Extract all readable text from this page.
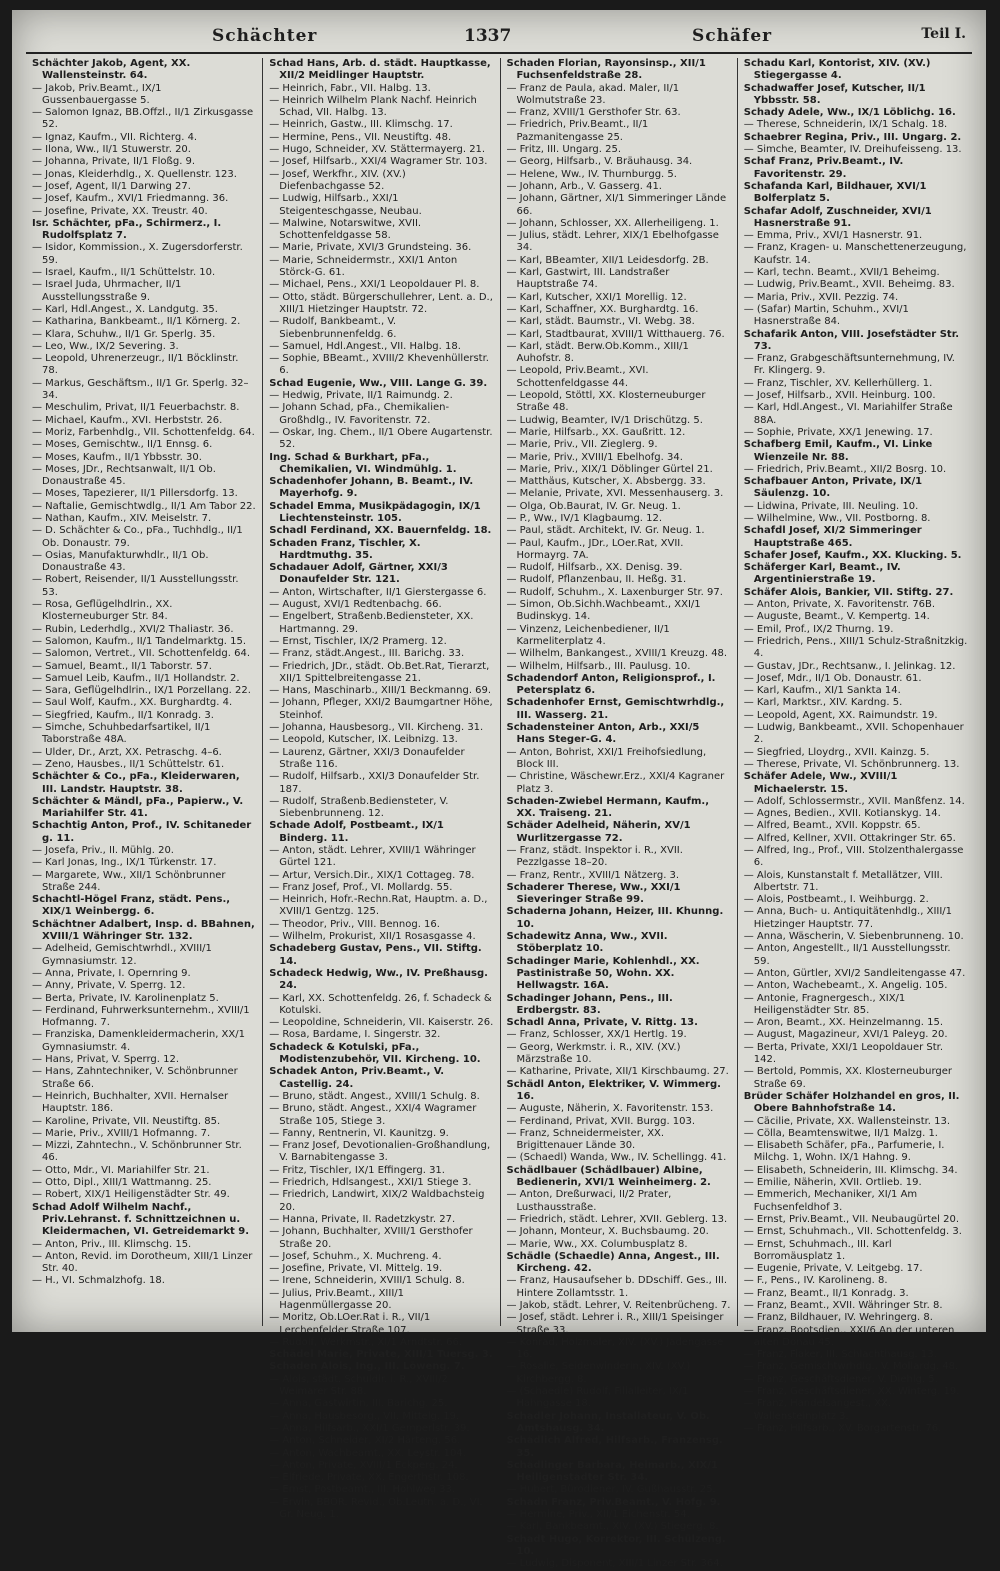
Schächter	1337	Schäfer	Teil I.

Schächter Jakob, Agent, XX. Wallensteinstr. 64.

— Jakob, Priv.Beamt., IX/1 Gussenbauergasse 5.

— Salomon Ignaz, BB.Offzl., II/1 Zirkusgasse 52.

— Ignaz, Kaufm., VII. Richterg. 4.

— Ilona, Ww., II/1 Stuwerstr. 20.

— Johanna, Private, II/1 Floßg. 9.

— Jonas, Kleiderhdlg., X. Quellenstr. 123.

— Josef, Agent, II/1 Darwing 27.

— Josef, Kaufm., XVI/1 Friedmanng. 36.

— Josefine, Private, XX. Treustr. 40.

Isr. Schächter, pFa., Schirmerz., I. Rudolfsplatz 7.

— Isidor, Kommission., X. Zugersdorferstr. 59.

— Israel, Kaufm., II/1 Schüttelstr. 10.

— Israel Juda, Uhrmacher, II/1 Ausstellungsstraße 9.

— Karl, Hdl.Angest., X. Landgutg. 35.

— Katharina, Bankbeamt., II/1 Körnerg. 2.

— Klara, Schuhw., II/1 Gr. Sperlg. 35.

— Leo, Ww., IX/2 Severing. 3.

— Leopold, Uhrenerzeugr., II/1 Böcklinstr. 78.

— Markus, Geschäftsm., II/1 Gr. Sperlg. 32–34.

— Meschulim, Privat, II/1 Feuerbachstr. 8.

— Michael, Kaufm., XVI. Herbststr. 26.

— Moriz, Farbenhdlg., VII. Schottenfeldg. 64.

— Moses, Gemischtw., II/1 Ennsg. 6.

— Moses, Kaufm., II/1 Ybbsstr. 30.

— Moses, JDr., Rechtsanwalt, II/1 Ob. Donaustraße 45.

— Moses, Tapezierer, II/1 Pillersdorfg. 13.

— Naftalie, Gemischtwdlg., II/1 Am Tabor 22.

— Nathan, Kaufm., XIV. Meiselstr. 7.

— D. Schächter & Co., pFa., Tuchhdlg., II/1 Ob. Donaustr. 79.

— Osias, Manufakturwhdlr., II/1 Ob. Donaustraße 43.

— Robert, Reisender, II/1 Ausstellungsstr. 53.

— Rosa, Geflügelhdlrin., XX. Klosterneuburger Str. 84.

— Rubin, Lederhdlg., XVI/2 Thaliastr. 36.

— Salomon, Kaufm., II/1 Tandelmarktg. 15.

— Salomon, Vertret., VII. Schottenfeldg. 64.

— Samuel, Beamt., II/1 Taborstr. 57.

— Samuel Leib, Kaufm., II/1 Hollandstr. 2.

— Sara, Geflügelhdlrin., IX/1 Porzellang. 22.

— Saul Wolf, Kaufm., XX. Burghardtg. 4.

— Siegfried, Kaufm., II/1 Konradg. 3.

— Simche, Schuhbedarfsartikel, II/1 Taborstraße 48A.

— Ulder, Dr., Arzt, XX. Petraschg. 4–6.

— Zeno, Hausbes., II/1 Schüttelstr. 61.

Schächter & Co., pFa., Kleiderwaren, III. Landstr. Hauptstr. 38.

Schächter & Mändl, pFa., Papierw., V. Mariahilfer Str. 41.

Schachtig Anton, Prof., IV. Schitaneder g. 11.

— Josefa, Priv., II. Mühlg. 20.

— Karl Jonas, Ing., IX/1 Türkenstr. 17.

— Margarete, Ww., XII/1 Schönbrunner Straße 244.

Schachtl-Högel Franz, städt. Pens., XIX/1 Weinbergg. 6.

Schächtner Adalbert, Insp. d. BBahnen, XVIII/1 Währinger Str. 132.

— Adelheid, Gemischtwrhdl., XVIII/1 Gymnasiumstr. 12.

— Anna, Private, I. Opernring 9.

— Anny, Private, V. Sperrg. 12.

— Berta, Private, IV. Karolinenplatz 5.

— Ferdinand, Fuhrwerksunternehm., XVIII/1 Hofmanng. 7.

— Franziska, Damenkleidermacherin, XX/1 Gymnasiumstr. 4.

— Hans, Privat, V. Sperrg. 12.

— Hans, Zahntechniker, V. Schönbrunner Straße 66.

— Heinrich, Buchhalter, XVII. Hernalser Hauptstr. 186.

— Karoline, Private, VII. Neustiftg. 85.

— Marie, Priv., XVIII/1 Hofmanng. 7.

— Mizzi, Zahntechn., V. Schönbrunner Str. 46.

— Otto, Mdr., VI. Mariahilfer Str. 21.

— Otto, Dipl., XIII/1 Wattmanng. 25.

— Robert, XIX/1 Heiligenstädter Str. 49.

Schad Adolf Wilhelm Nachf., Priv.Lehranst. f. Schnittzeichnen u. Kleidermachen, VI. Getreidemarkt 9.

— Anton, Priv., III. Klimschg. 15.

— Anton, Revid. im Dorotheum, XIII/1 Linzer Str. 40.

— H., VI. Schmalzhofg. 18.

Schad Hans, Arb. d. städt. Hauptkasse, XII/2 Meidlinger Hauptstr.

— Heinrich, Fabr., VII. Halbg. 13.

— Heinrich Wilhelm Plank Nachf. Heinrich Schad, VII. Halbg. 13.

— Heinrich, Gastw., III. Klimschg. 17.

— Hermine, Pens., VII. Neustiftg. 48.

— Hugo, Schneider, XV. Stättermayerg. 21.

— Josef, Hilfsarb., XXI/4 Wagramer Str. 103.

— Josef, Werkfhr., XIV. (XV.) Diefenbachgasse 52.

— Ludwig, Hilfsarb., XXI/1 Steigenteschgasse, Neubau.

— Malwine, Notarswitwe, XVII. Schottenfeldgasse 58.

— Marie, Private, XVI/3 Grundsteing. 36.

— Marie, Schneidermstr., XXI/1 Anton Störck-G. 61.

— Michael, Pens., XXI/1 Leopoldauer Pl. 8.

— Otto, städt. Bürgerschullehrer, Lent. a. D., XIII/1 Hietzinger Hauptstr. 72.

— Rudolf, Bankbeamt., V. Siebenbrunnenfeldg. 6.

— Samuel, Hdl.Angest., VII. Halbg. 18.

— Sophie, BBeamt., XVIII/2 Khevenhüllerstr. 6.

Schad Eugenie, Ww., VIII. Lange G. 39.

— Hedwig, Private, II/1 Raimundg. 2.

— Johann Schad, pFa., Chemikalien-Großhdlg., IV. Favoritenstr. 72.

— Oskar, Ing. Chem., II/1 Obere Augartenstr. 52.

Ing. Schad & Burkhart, pFa., Chemikalien, VI. Windmühlg. 1.

Schadenhofer Johann, B. Beamt., IV. Mayerhofg. 9.

Schadel Emma, Musikpädagogin, IX/1 Liechtensteinstr. 105.

Schadl Ferdinand, XX. Bauernfeldg. 18.

Schaden Franz, Tischler, X. Hardtmuthg. 35.

Schadauer Adolf, Gärtner, XXI/3 Donaufelder Str. 121.

— Anton, Wirtschafter, II/1 Gierstergasse 6.

— August, XVI/1 Redtenbachg. 66.

— Engelbert, Straßenb.Bediensteter, XX. Hartmanng. 29.

— Ernst, Tischler, IX/2 Pramerg. 12.

— Franz, städt.Angest., III. Barichg. 33.

— Friedrich, JDr., städt. Ob.Bet.Rat, Tierarzt, XII/1 Spittelbreitengasse 21.

— Hans, Maschinarb., XIII/1 Beckmanng. 69.

— Johann, Pfleger, XXI/2 Baumgartner Höhe, Steinhof.

— Johanna, Hausbesorg., VII. Kircheng. 31.

— Leopold, Kutscher, IX. Leibnizg. 13.

— Laurenz, Gärtner, XXI/3 Donaufelder Straße 116.

— Rudolf, Hilfsarb., XXI/3 Donaufelder Str. 187.

— Rudolf, Straßenb.Bediensteter, V. Siebenbrunneng. 12.

Schade Adolf, Postbeamt., IX/1 Binderg. 11.

— Anton, städt. Lehrer, XVIII/1 Währinger Gürtel 121.

— Artur, Versich.Dir., XIX/1 Cottageg. 78.

— Franz Josef, Prof., VI. Mollardg. 55.

— Heinrich, Hofr.-Rechn.Rat, Hauptm. a. D., XVIII/1 Gentzg. 125.

— Theodor, Priv., VIII. Bennog. 16.

— Wilhelm, Prokurist, XII/1 Rosasgasse 4.

Schadeberg Gustav, Pens., VII. Stiftg. 14.

Schadeck Hedwig, Ww., IV. Preßhausg. 24.

— Karl, XX. Schottenfeldg. 26, f. Schadeck & Kotulski.

— Leopoldine, Schneiderin, VII. Kaiserstr. 26.

— Rosa, Bardame, I. Singerstr. 32.

Schadeck & Kotulski, pFa., Modistenzubehör, VII. Kircheng. 10.

Schadek Anton, Priv.Beamt., V. Castellig. 24.

— Bruno, städt. Angest., XVIII/1 Schulg. 8.

— Bruno, städt. Angest., XXI/4 Wagramer Straße 105, Stiege 3.

— Fanny, Rentnerin, VI. Kaunitzg. 9.

— Franz Josef, Devotionalien-Großhandlung, V. Barnabitengasse 3.

— Fritz, Tischler, IX/1 Effingerg. 31.

— Friedrich, Hdlsangest., XXI/1 Stiege 3.

— Friedrich, Landwirt, XIX/2 Waldbachsteig 20.

— Hanna, Private, II. Radetzkystr. 27.

— Johann, Buchhalter, XVIII/1 Gersthofer Straße 20.

— Josef, Schuhm., X. Muchreng. 4.

— Josefine, Private, VI. Mittelg. 19.

— Irene, Schneiderin, XVIII/1 Schulg. 8.

— Julius, Priv.Beamt., XIII/1 Hagenmüllergasse 20.

— Moritz, Ob.LOer.Rat i. R., VII/1 Lerchenfelder Straße 107.

— Rudolf, Werkmstr., XI/1 Arndtstr. 66.

Schädel Marie, Private, XIII/1 Tuersg. 3.

Schaden Alois, Ing., III. Löweng. 7.

— Alois, städt. Schuldir. i. R., XVIII/2 Weimarer Str. 88.

— Anna, Gastwirtin, III. Barichg. 25.

— Anna, Hausbesorg., VII. Mittelg. 19.

— Anna, Hilfsarb., XXI/1 Gemperlstr. 39.

— Anton, Schneider, XI/2 Härteng. 56.

— Anton, Wachbeamt., XX. Leystr. 104.

— Anton, Private, XVIII/1 Eckperg. 24.

— Elfriede, Private, XX. Engerthstr. 108.

— Ernst, Postbeamt., III. Hohlweg 33.

— Erwin, BBOR. Revid., Ob.Leutn. a. D., VI. Gr. Neug. 1.

Schaden Florian, Rayonsinsp., XII/1 Fuchsenfeldstraße 28.

— Franz de Paula, akad. Maler, II/1 Wolmutstraße 23.

— Franz, XVIII/1 Gersthofer Str. 63.

— Friedrich, Priv.Beamt., II/1 Pazmanitengasse 25.

— Fritz, III. Ungarg. 25.

— Georg, Hilfsarb., V. Bräuhausg. 34.

— Helene, Ww., IV. Thurnburgg. 5.

— Johann, Arb., V. Gasserg. 41.

— Johann, Gärtner, XI/1 Simmeringer Lände 66.

— Johann, Schlosser, XX. Allerheiligeng. 1.

— Julius, städt. Lehrer, XIX/1 Ebelhofgasse 34.

— Karl, BBeamter, XII/1 Leidesdorfg. 2B.

— Karl, Gastwirt, III. Landstraßer Hauptstraße 74.

— Karl, Kutscher, XXI/1 Morellig. 12.

— Karl, Schaffner, XX. Burghardtg. 16.

— Karl, städt. Baumstr., VI. Webg. 38.

— Karl, Stadtbaurat, XVIII/1 Witthauerg. 76.

— Karl, städt. Berw.Ob.Komm., XIII/1 Auhofstr. 8.

— Leopold, Priv.Beamt., XVI. Schottenfeldgasse 44.

— Leopold, Stöttl, XX. Klosterneuburger Straße 48.

— Ludwig, Beamter, IV/1 Drischützg. 5.

— Marie, Hilfsarb., XX. Gaußritt. 12.

— Marie, Priv., VII. Zieglerg. 9.

— Marie, Priv., XVIII/1 Ebelhofg. 34.

— Marie, Priv., XIX/1 Döblinger Gürtel 21.

— Matthäus, Kutscher, X. Absbergg. 33.

— Melanie, Private, XVI. Messenhauserg. 3.

— Olga, Ob.Baurat, IV. Gr. Neug. 1.

— P., Ww., IV/1 Klagbaumg. 12.

— Paul, städt. Architekt, IV. Gr. Neug. 1.

— Paul, Kaufm., JDr., LOer.Rat, XVII. Hormayrg. 7A.

— Rudolf, Hilfsarb., XX. Denisg. 39.

— Rudolf, Pflanzenbau, II. Heßg. 31.

— Rudolf, Schuhm., X. Laxenburger Str. 97.

— Simon, Ob.Sichh.Wachbeamt., XXI/1 Budinskyg. 14.

— Vinzenz, Leichenbediener, II/1 Karmeliterplatz 4.

— Wilhelm, Bankangest., XVIII/1 Kreuzg. 48.

— Wilhelm, Hilfsarb., III. Paulusg. 10.

Schadendorf Anton, Religionsprof., I. Petersplatz 6.

Schadenhofer Ernst, Gemischtwrhdlg., III. Wasserg. 21.

Schadensteiner Anton, Arb., XXI/5 Hans Steger-G. 4.

— Anton, Bohrist, XXI/1 Freihofsiedlung, Block III.

— Christine, Wäschewr.Erz., XXI/4 Kagraner Platz 3.

Schaden-Zwiebel Hermann, Kaufm., XX. Traiseng. 21.

Schäder Adelheid, Näherin, XV/1 Wurlitzergasse 72.

— Franz, städt. Inspektor i. R., XVII. Pezzlgasse 18–20.

— Franz, Rentr., XVIII/1 Nätzerg. 3.

Schaderer Therese, Ww., XXI/1 Sieveringer Straße 99.

Schaderna Johann, Heizer, III. Khunng. 10.

Schadewitz Anna, Ww., XVII. Stöberplatz 10.

Schadinger Marie, Kohlenhdl., XX. Pastinistraße 50, Wohn. XX. Hellwagstr. 16A.

Schadinger Johann, Pens., III. Erdbergstr. 83.

Schadl Anna, Private, V. Rittg. 13.

— Franz, Schlosser, XX/1 Hertlg. 19.

— Georg, Werkmstr. i. R., XIV. (XV.) Märzstraße 10.

— Katharine, Private, XII/1 Kirschbaumg. 27.

Schädl Anton, Elektriker, V. Wimmerg. 16.

— Auguste, Näherin, X. Favoritenstr. 153.

— Ferdinand, Privat, XVII. Burgg. 103.

— Franz, Schneidermeister, XX. Brigittenauer Lände 30.

— (Schaedl) Wanda, Ww., IV. Schellingg. 41.

Schädlbauer (Schädlbauer) Albine, Bedienerin, XVI/1 Weinheimerg. 2.

— Anton, Dreßurwaci, II/2 Prater, Lusthausstraße.

— Friedrich, städt. Lehrer, XVII. Geblerg. 13.

— Johann, Monteur, X. Buchsbaumg. 20.

— Marie, Ww., XX. Columbusplatz 8.

Schädle (Schaedle) Anna, Angest., III. Kircheng. 42.

— Franz, Hausaufseher b. DDschiff. Ges., III. Hintere Zollamtsstr. 1.

— Jakob, städt. Lehrer, V. Reitenbrücheng. 7.

— Josef, städt. Lehrer i. R., XIII/1 Speisinger Straße 33.

— Konrad, Holzmaler, XIV. (XV.) Jadengasse 16.

— Rosalie, Seidenwinderin, XIV. (XV.) Kirchbergg. 8.

— (Schaedle) Rudolf, Filialleiter, IX/1 Hahngasse 18.

Schadler Johann, Installateur, V. Ob. Amtshausg. 34.

Schädlich Alfred, Hilfsarb., Franzensg. 35.

Schädlinger Barbara, Heimarb., XIX/1 Heiligenstädter Str. 34.

— Hubert, Bürodiener, IV. Gußhausstr. 25.

Schadn Franz, Priv.Beamt., V. Hofg. 9.

— Hermine, Priv., XII/1 Eichenstr. 54.

— Karl, Bankbeamt., XIV. (XV.) Stiegerg. 8.

Schadt Hugo, Korrektor, III. Schülzeng. 10.

— Ludwig, Disponent, XIII/1 Linzer Str. 364.

Schadu Karl, Kontorist, XIV. (XV.) Stiegergasse 4.

Schadwaffer Josef, Kutscher, II/1 Ybbsstr. 58.

Schady Adele, Ww., IX/1 Löblichg. 16.

— Therese, Schneiderin, IX/1 Schalg. 18.

Schaebrer Regina, Priv., III. Ungarg. 2.

— Simche, Beamter, IV. Dreihufeisseng. 13.

Schaf Franz, Priv.Beamt., IV. Favoritenstr. 29.

Schafanda Karl, Bildhauer, XVI/1 Bolferplatz 5.

Schafar Adolf, Zuschneider, XVI/1 Hasnerstraße 91.

— Emma, Priv., XVI/1 Hasnerstr. 91.

— Franz, Kragen- u. Manschettenerzeugung, Kaufstr. 14.

— Karl, techn. Beamt., XVII/1 Beheimg.

— Ludwig, Priv.Beamt., XVII. Beheimg. 83.

— Maria, Priv., XVII. Pezzig. 74.

— (Safar) Martin, Schuhm., XVI/1 Hasnerstraße 84.

Schafarik Anton, VIII. Josefstädter Str. 73.

— Franz, Grabgeschäftsunternehmung, IV. Fr. Klingerg. 9.

— Franz, Tischler, XV. Kellerhüllerg. 1.

— Josef, Hilfsarb., XVII. Heinburg. 100.

— Karl, Hdl.Angest., VI. Mariahilfer Straße 88A.

— Sophie, Private, XX/1 Jenewing. 17.

Schafberg Emil, Kaufm., VI. Linke Wienzeile Nr. 88.

— Friedrich, Priv.Beamt., XII/2 Bosrg. 10.

Schafbauer Anton, Private, IX/1 Säulenzg. 10.

— Lidwina, Private, III. Neuling. 10.

— Wilhelmine, Ww., VII. Postborng. 8.

Schafdl Josef, XI/2 Simmeringer Hauptstraße 465.

Schafer Josef, Kaufm., XX. Klucking. 5.

Schäferger Karl, Beamt., IV. Argentinierstraße 19.

Schäfer Alois, Bankier, VII. Stiftg. 27.

— Anton, Private, X. Favoritenstr. 76B.

— Auguste, Beamt., V. Kempertg. 14.

— Emil, Prof., IX/2 Thurng. 19.

— Friedrich, Pens., XIII/1 Schulz-Straßnitzkig. 4.

— Gustav, JDr., Rechtsanw., I. Jelinkag. 12.

— Josef, Mdr., II/1 Ob. Donaustr. 61.

— Karl, Kaufm., XI/1 Sankta 14.

— Karl, Marktsr., XIV. Kardng. 5.

— Leopold, Agent, XX. Raimundstr. 19.

— Ludwig, Bankbeamt., XVII. Schopenhauer 2.

— Siegfried, Lloydrg., XVII. Kainzg. 5.

— Therese, Private, VI. Schönbrunnerg. 13.

Schäfer Adele, Ww., XVIII/1 Michaelerstr. 15.

— Adolf, Schlossermstr., XVII. Manßfenz. 14.

— Agnes, Bedien., XVII. Kotianskyg. 14.

— Alfred, Beamt., XVII. Koppstr. 65.

— Alfred, Kellner, XVII. Ottakringer Str. 65.

— Alfred, Ing., Prof., VIII. Stolzenthalergasse 6.

— Alois, Kunstanstalt f. Metallätzer, VIII. Albertstr. 71.

— Alois, Postbeamt., I. Weihburgg. 2.

— Anna, Buch- u. Antiquitätenhdlg., XIII/1 Hietzinger Hauptstr. 77.

— Anna, Wäscherin, V. Siebenbrunneng. 10.

— Anton, Angestellt., II/1 Ausstellungsstr. 59.

— Anton, Gürtler, XVI/2 Sandleitengasse 47.

— Anton, Wachebeamt., X. Angelig. 105.

— Antonie, Fragnergesch., XIX/1 Heiligenstädter Str. 85.

— Aron, Beamt., XX. Heinzelmanng. 15.

— August, Magazineur, XVI/1 Paleyg. 20.

— Berta, Private, XXI/1 Leopoldauer Str. 142.

— Bertold, Pommis, XX. Klosterneuburger Straße 69.

Brüder Schäfer Holzhandel en gros, II. Obere Bahnhofstraße 14.

— Cäcilie, Private, XX. Wallensteinstr. 13.

— Cölla, Beamtenswitwe, II/1 Malzg. 1.

— Elisabeth Schäfer, pFa., Parfumerie, I. Milchg. 1, Wohn. IX/1 Hahng. 9.

— Elisabeth, Schneiderin, III. Klimschg. 34.

— Emilie, Näherin, XVII. Ortlieb. 19.

— Emmerich, Mechaniker, XI/1 Am Fuchsenfeldhof 3.

— Ernst, Priv.Beamt., VII. Neubaugürtel 20.

— Ernst, Schuhmach., VII. Schottenfeldg. 3.

— Ernst, Schuhmach., III. Karl Borromäusplatz 1.

— Eugenie, Private, V. Leitgebg. 17.

— F., Pens., IV. Karolineng. 8.

— Franz, Beamt., II/1 Konradg. 3.

— Franz, Beamt., XVII. Währinger Str. 8.

— Franz, Bildhauer, IV. Wehringerg. 8.

— Franz, Bootsdien., XXI/6 An der unteren alten Donau 45.

— Franz, Fiaker, III. Schlachthausg. 13.

— Franz, Gemischtwrhdlg., V. Mollardg. 48.

— Franz, Geschäftsdiener, V. Diehlg. 5.

— Franz, Geschäftsdiener, XX. Winterg. 19.

— Franz, Handelsangest., XX. Wallensteinplatz 3.

— Franz, Hilfsarb., XV. Borgartenstr. 76.
